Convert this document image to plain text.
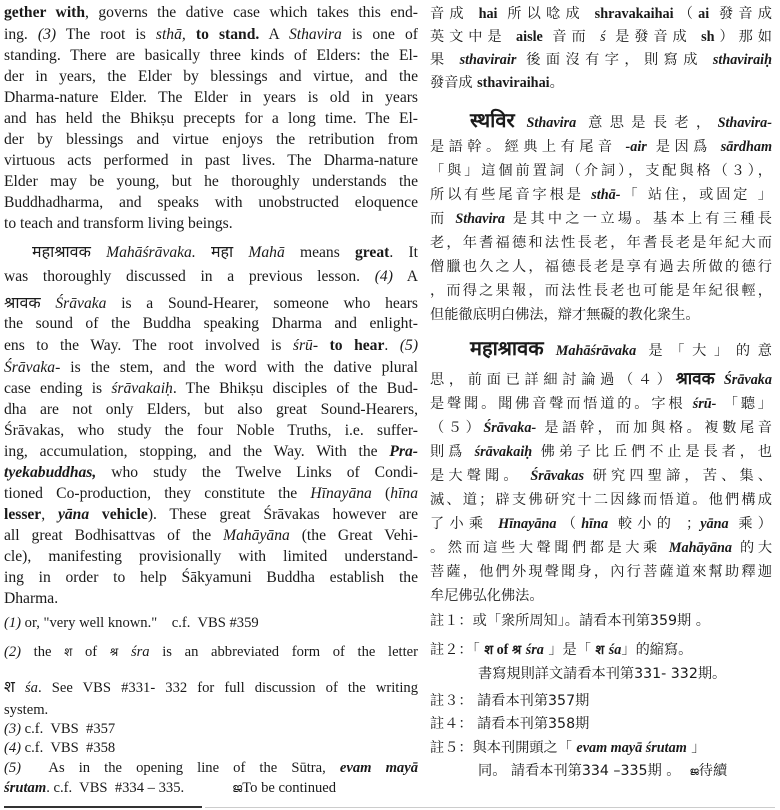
gether with, governs the dative case which takes this end-
ing. (3) The root is sthā, to stand. A Sthavira is one of
standing. There are basically three kinds of Elders: the El-
der in years, the Elder by blessings and virtue, and the
Dharma-nature Elder. The Elder in years is old in years
and has held the Bhikṣu precepts for a long time. The El-
der by blessings and virtue enjoys the retribution from
virtuous acts performed in past lives. The Dharma-nature
Elder may be young, but he thoroughly understands the
Buddhadharma, and speaks with unobstructed eloquence
to teach and transform living beings.
महाश्रावक Mahāśrāvaka. महा Mahā means great. It
was thoroughly discussed in a previous lesson. (4) A
श्रावक Śrāvaka is a Sound-Hearer, someone who hears
the sound of the Buddha speaking Dharma and enlight-
ens to the Way. The root involved is śrū- to hear. (5)
Śrāvaka- is the stem, and the word with the dative plural
case ending is śrāvakaiḥ. The Bhikṣu disciples of the Bud-
dha are not only Elders, but also great Sound-Hearers,
Śrāvakas, who study the four Noble Truths, i.e. suffer-
ing, accumulation, stopping, and the Way. With the Pra-
tyekabuddhas, who study the Twelve Links of Condi-
tioned Co-production, they constitute the Hīnayāna (hīna
lesser, yāna vehicle). These great Śrāvakas however are
all great Bodhisattvas of the Mahāyāna (the Great Vehi-
cle), manifesting provisionally with limited understand-
ing in order to help Śākyamuni Buddha establish the
Dharma.
(1) or, "very well known."    c.f.  VBS #359
(2) the श of श्र śra is an abbreviated form of the letter
श śa. See VBS #331- 332 for full discussion of the writing
system.
(3) c.f.  VBS  #357
(4) c.f.  VBS  #358
(5)  As in the opening line of the Sūtra, evam mayā
śrutam. c.f.  VBS  #334 – 335.	ജTo be continued
音成 hai 所以唸成 shravakaihai（ai 發音成
英文中是 aisle 音而 ś 是發音成 sh）那如
果 sthavirair 後面沒有字，則寫成 sthaviraiḥ
發音成 sthaviraihai。
स्थविर Sthavira 意思是長老，Sthavira-
是語幹。經典上有尾音 -air 是因爲 sārdham
「與」這個前置詞（介詞），支配與格（３），
所以有些尾音字根是 sthā-「 站住，或固定 」
而 Sthavira 是其中之一立場。基本上有三種長
老，年耆福德和法性長老，年耆長老是年紀大而
僧臘也久之人，福德長老是享有過去所做的德行
，而得之果報，而法性長老也可能是年紀很輕，
但能徹底明白佛法，辯才無礙的教化衆生。
महाश्रावक Mahāśrāvaka 是「大」的意
思，前面已詳細討論過（４）श्रावक Śrāvaka
是聲聞。聞佛音聲而悟道的。字根 śrū- 「聽」
（５）Śrāvaka- 是語幹，而加與格。複數尾音
則爲 śrāvakaiḥ 佛弟子比丘們不止是長者，也
是大聲聞。 Śrāvakas 研究四聖諦，苦、集、
滅、道；辟支佛研究十二因緣而悟道。他們構成
了小乘 Hīnayāna（hīna 較小的 ；yāna 乘）
。然而這些大聲聞們都是大乘 Mahāyāna 的大
菩薩，他們外現聲聞身，內行菩薩道來幫助釋迦
牟尼佛弘化佛法。
註１：或「衆所周知」。請看本刊第359期 。
註２：「 श of श्र śra 」是「 श śa」的縮寫。
書寫規則詳文請看本刊第331- 332期。
註３： 請看本刊第357期
註４： 請看本刊第358期
註５：與本刊開頭之「 evam mayā śrutam 」
同。 請看本刊第334 –335期 。  ജ待續
